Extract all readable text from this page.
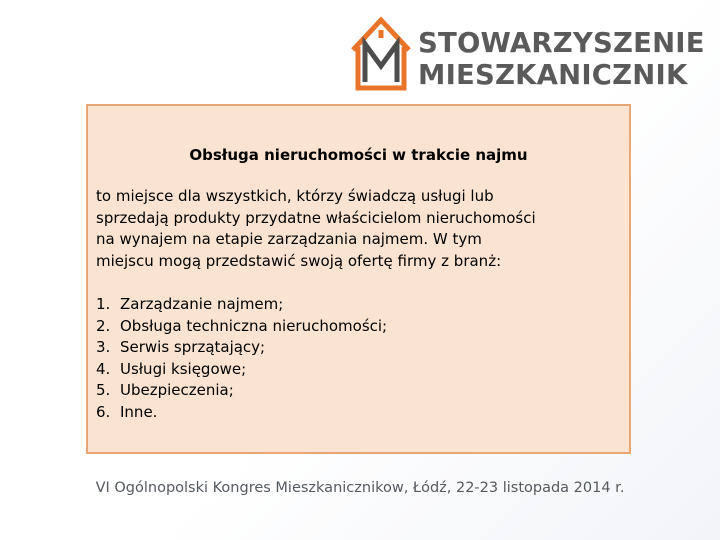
STOWARZYSZENIE
MIESZKANICZNIK
Obsługa nieruchomości w trakcie najmu
to miejsce dla wszystkich, którzy świadczą usługi lub
sprzedają produkty przydatne właścicielom nieruchomości
na wynajem na etapie zarządzania najmem. W tym
miejscu mogą przedstawić swoją ofertę firmy z branż:
1. Zarządzanie najmem;
2. Obsługa techniczna nieruchomości;
3. Serwis sprzątający;
4. Usługi księgowe;
5. Ubezpieczenia;
6. Inne.

VI Ogólnopolski Kongres Mieszkanicznikow, Łódź, 22-23 listopada 2014 r.
